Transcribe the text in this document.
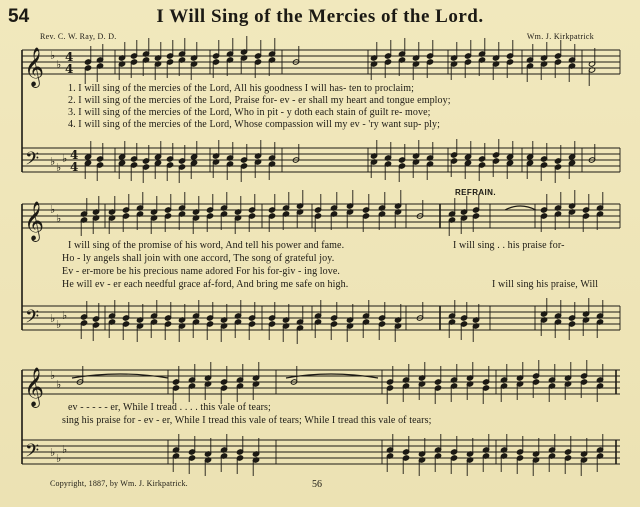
𝄞
𝄢
𝄞
𝄢
𝄞
𝄢
♭
♭
♭ ♭
♭
♭
♭
♭ ♭
♭
♭
♭
♭ ♭
♭
4
4
4
4
54	I Will Sing of the Mercies of the Lord.
Rev. C. W. Ray, D. D.	Wm. J. Kirkpatrick
1. I will sing of the mercies of the Lord, All his goodness I will has- ten to proclaim;
2. I will sing of the mercies of the Lord, Praise for- ev - er shall my heart and tongue employ;
3. I will sing of the mercies of the Lord, Who in pit - y doth each stain of guilt re- move;
4. I will sing of the mercies of the Lord, Whose compassion will my ev - 'ry want sup- ply;
I will sing of the promise of his word, And tell his power and fame.
Ho - ly angels shall join with one accord, The song of grateful joy.
Ev - er-more be his precious name adored For his for-giv - ing love.
He will ev - er each needful grace af-ford, And bring me safe on high.
REFRAIN.
I will sing . . his praise for-
I will sing his praise, Will
ev - - - - - er, While I tread . . . . this vale of tears;
sing his praise for - ev - er, While I tread this vale of tears; While I tread this vale of tears;
Copyright, 1887, by Wm. J. Kirkpatrick.	56
